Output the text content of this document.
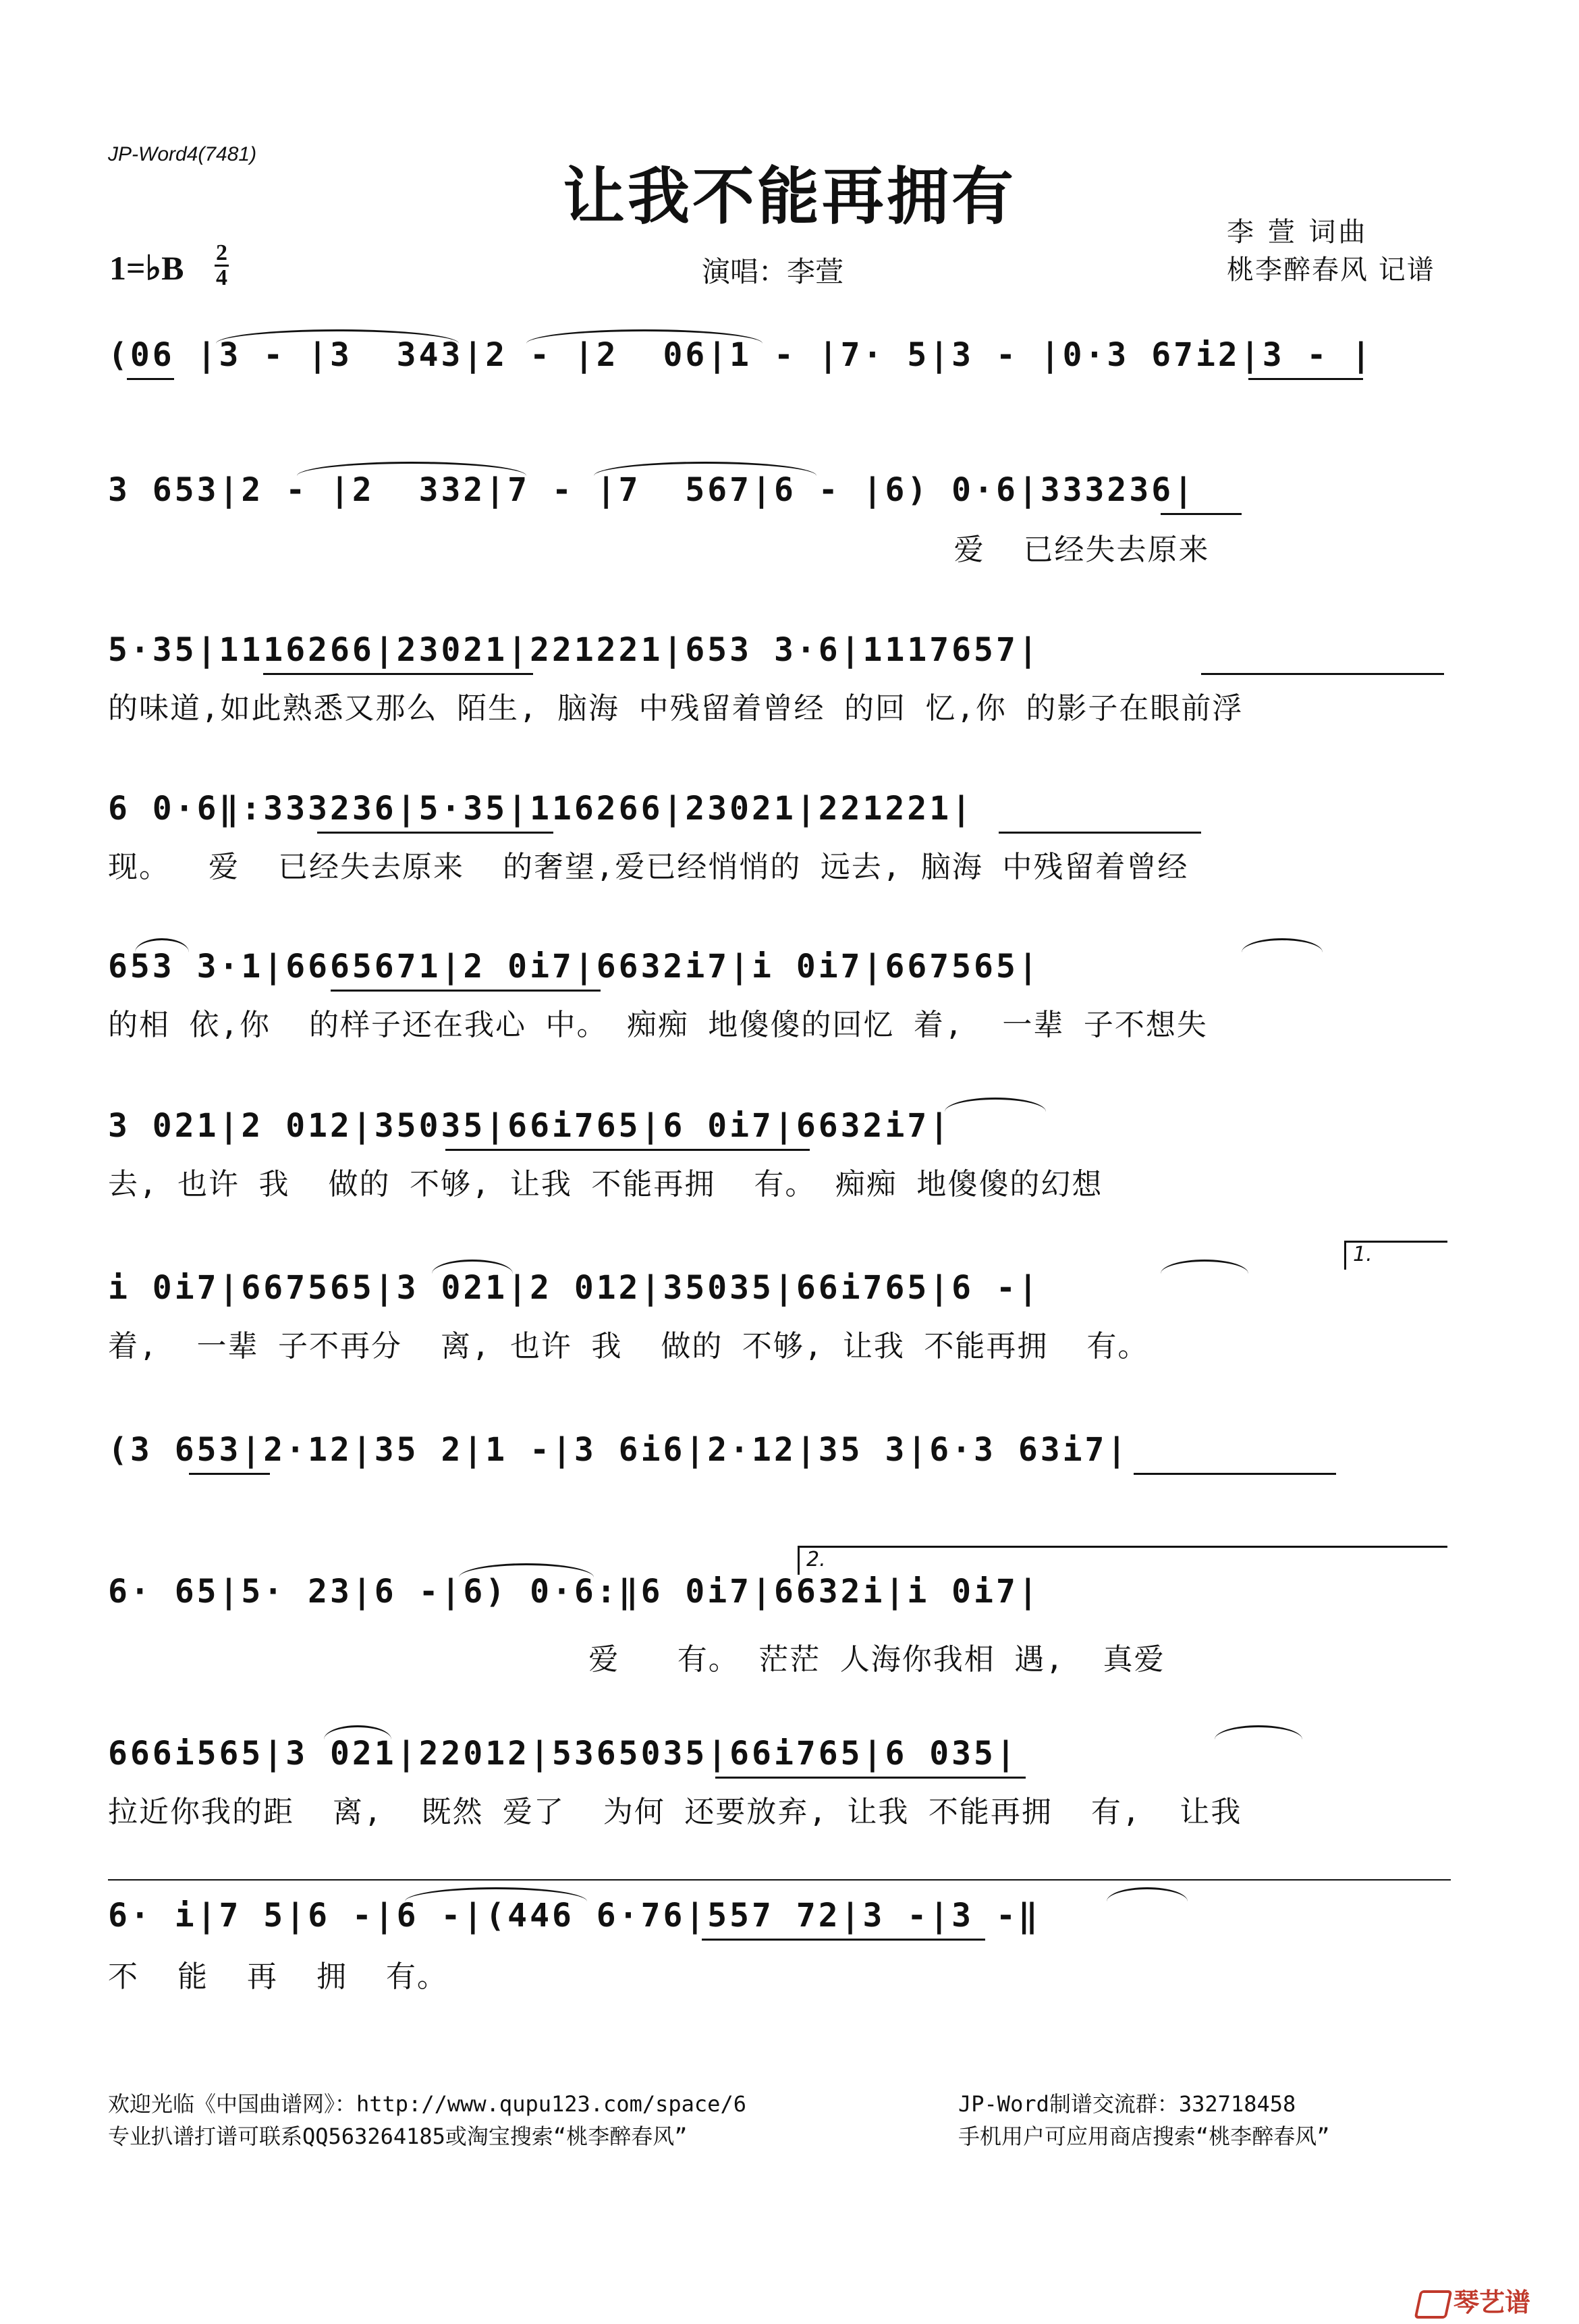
JP-Word4(7481)
让我不能再拥有
1=♭B 2
4	演唱：李萱
李 萱 词曲
桃李醉春风 记谱
(06 |3 - |3  343|2 - |2  06|1 - |7· 5|3 - |0·3 67i2|3 - |
3 653|2 - |2  332|7 - |7  567|6 - |6) 0·6|333236|
爱  已经失去原来
5·35|1116266|23021|221221|653 3·6|1117657|
的味道,如此熟悉又那么 陌生, 脑海 中残留着曾经 的回 忆,你 的影子在眼前浮
6 0·6‖:333236|5·35|116266|23021|221221|
现。  爱  已经失去原来  的奢望,爱已经悄悄的 远去, 脑海 中残留着曾经
653 3·1|6665671|2 0i7|6632i7|i 0i7|667565|
的相 依,你  的样子还在我心 中。 痴痴 地傻傻的回忆 着,  一辈 子不想失
3 021|2 012|35035|66i765|6 0i7|6632i7|
去, 也许 我  做的 不够, 让我 不能再拥  有。 痴痴 地傻傻的幻想
i 0i7|667565|3 021|2 012|35035|66i765|6 -|
着,  一辈 子不再分  离, 也许 我  做的 不够, 让我 不能再拥  有。
1.
(3 653|2·12|35 2|1 -|3 6i6|2·12|35 3|6·3 63i7|
6· 65|5· 23|6 -|6) 0·6:‖6 0i7|6632i|i 0i7|
爱   有。 茫茫 人海你我相 遇,  真爱
2.
666i565|3 021|22012|5365035|66i765|6 035|
拉近你我的距  离,  既然 爱了  为何 还要放弃, 让我 不能再拥  有,  让我
6· i|7 5|6 -|6 -|(446 6·76|557 72|3 -|3 -‖
不  能  再  拥  有。
欢迎光临《中国曲谱网》：http://www.qupu123.com/space/6
专业扒谱打谱可联系QQ563264185或淘宝搜索“桃李醉春风”
JP-Word制谱交流群：332718458
手机用户可应用商店搜索“桃李醉春风”
琴艺谱
